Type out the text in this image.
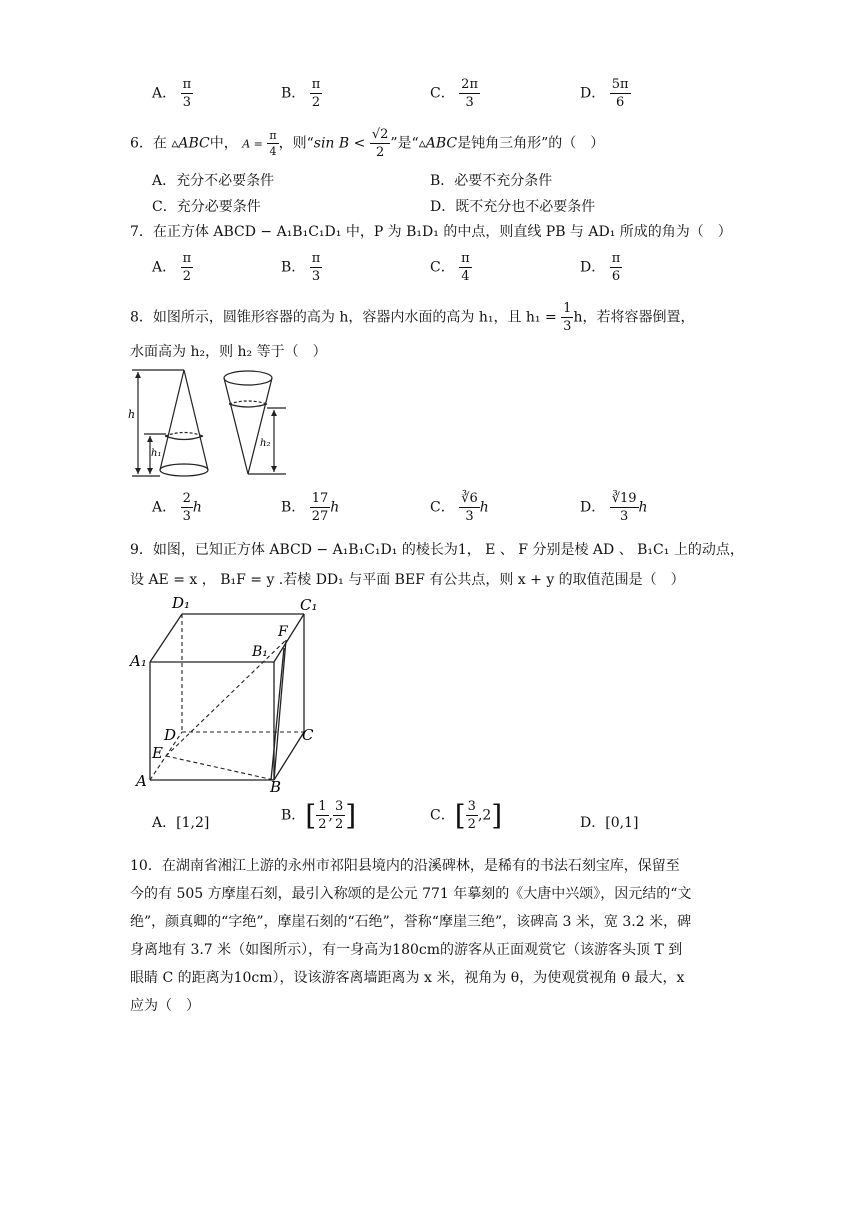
A． $\frac{\pi}{3}$	B． $\frac{\pi}{2}$	C． $\frac{2\pi}{3}$	D． $\frac{5\pi}{6}$
6．在 ▵ABC中， $A = \frac{\pi}{4}$ ，则“sin $B < \frac{√2}{2}$ ”是“▵ABC是钝角三角形”的（　）
A．充分不必要条件	B．必要不充分条件
C．充分必要条件	D．既不充分也不必要条件
7．在正方体 ABCD − A₁B₁C₁D₁ 中，P 为 B₁D₁ 的中点，则直线 PB 与 AD₁ 所成的角为（　）
A． $\frac{\pi}{2}$	B． $\frac{\pi}{3}$	C． $\frac{\pi}{4}$	D． $\frac{\pi}{6}$
8．如图所示，圆锥形容器的高为 h，容器内水面的高为 h₁，且 $h_1 = \frac{1}{3}$ h，若将容器倒置，
水面高为 h₂，则 h₂ 等于（　）
h
h₁
h₂
A． $\frac{2}{3}$ h	B． $\frac{17}{27}$ h	C． $\frac{∛6}{3}$ h	D． $\frac{∛19}{3}$ h
9．如图，已知正方体 ABCD − A₁B₁C₁D₁ 的棱长为1， E 、 F 分别是棱 AD 、 B₁C₁ 上的动点，
设 AE = x ， B₁F = y .若棱 DD₁ 与平面 BEF 有公共点，则 x + y 的取值范围是（　）
D₁	C₁
A₁	B₁
F
D	C
E
A	B
A．[1,2]	B．[ $\frac{1}{2}$ , $\frac{3}{2}$ ]	C．[ $\frac{3}{2} ,2$]	D．[0,1]
10．在湖南省湘江上游的永州市祁阳县境内的沿溪碑林，是稀有的书法石刻宝库，保留至
今的有 505 方摩崖石刻，最引入称颂的是公元 771 年摹刻的《大唐中兴颂》，因元结的“文
绝”，颜真卿的“字绝”，摩崖石刻的“石绝”，誉称“摩崖三绝”，该碑高 3 米，宽 3.2 米，碑
身离地有 3.7 米（如图所示），有一身高为180cm的游客从正面观赏它（该游客头顶 T 到
眼睛 C 的距离为10cm），设该游客离墙距离为 x 米，视角为 θ，为使观赏视角 θ 最大，x
应为（　）
